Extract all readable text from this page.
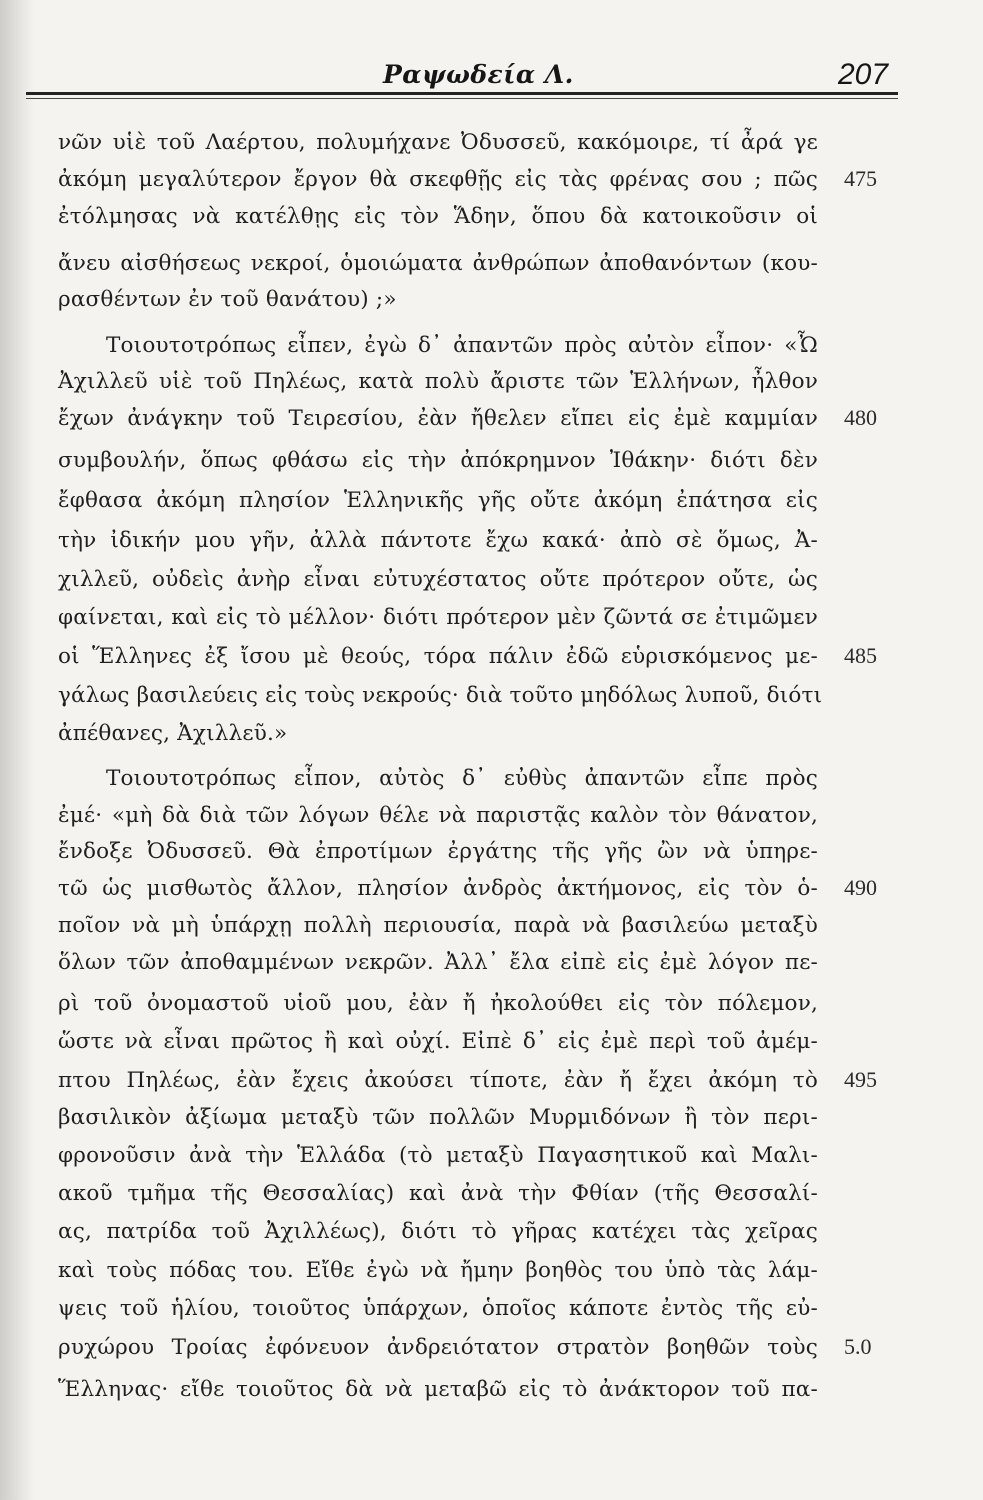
Ραψωδεία Λ.	207
νῶν υἱὲ τοῦ Λαέρτου, πολυμήχανε Ὀδυσσεῦ, κακόμοιρε, τί ἆρά γε
ἀκόμη μεγαλύτερον ἔργον θὰ σκεφθῇς εἰς τὰς φρένας σου ; πῶς
ἐτόλμησας νὰ κατέλθῃς εἰς τὸν Ἅδην, ὅπου δὰ κατοικοῦσιν οἱ
ἄνευ αἰσθήσεως νεκροί, ὁμοιώματα ἀνθρώπων ἀποθανόντων (κου-
ρασθέντων ἐν τοῦ θανάτου) ;»
Τοιουτοτρόπως εἶπεν, ἐγὼ δ᾽ ἀπαντῶν πρὸς αὐτὸν εἶπον· «Ὦ
Ἀχιλλεῦ υἱὲ τοῦ Πηλέως, κατὰ πολὺ ἄριστε τῶν Ἑλλήνων, ἦλθον
ἔχων ἀνάγκην τοῦ Τειρεσίου, ἐὰν ἤθελεν εἴπει εἰς ἐμὲ καμμίαν
συμβουλήν, ὅπως φθάσω εἰς τὴν ἀπόκρημνον Ἰθάκην· διότι δὲν
ἔφθασα ἀκόμη πλησίον Ἑλληνικῆς γῆς οὔτε ἀκόμη ἐπάτησα εἰς
τὴν ἰδικήν μου γῆν, ἀλλὰ πάντοτε ἔχω κακά· ἀπὸ σὲ ὅμως, Ἀ-
χιλλεῦ, οὐδεὶς ἀνὴρ εἶναι εὐτυχέστατος οὔτε πρότερον οὔτε, ὡς
φαίνεται, καὶ εἰς τὸ μέλλον· διότι πρότερον μὲν ζῶντά σε ἐτιμῶμεν
οἱ Ἕλληνες ἐξ ἴσου μὲ θεούς, τόρα πάλιν ἐδῶ εὑρισκόμενος με-
γάλως βασιλεύεις εἰς τοὺς νεκρούς· διὰ τοῦτο μηδόλως λυποῦ, διότι
ἀπέθανες, Ἀχιλλεῦ.»
Τοιουτοτρόπως εἶπον, αὐτὸς δ᾽ εὐθὺς ἀπαντῶν εἶπε πρὸς
ἐμέ· «μὴ δὰ διὰ τῶν λόγων θέλε νὰ παριστᾷς καλὸν τὸν θάνατον,
ἔνδοξε Ὀδυσσεῦ. Θὰ ἐπροτίμων ἐργάτης τῆς γῆς ὢν νὰ ὑπηρε-
τῶ ὡς μισθωτὸς ἄλλον, πλησίον ἀνδρὸς ἀκτήμονος, εἰς τὸν ὁ-
ποῖον νὰ μὴ ὑπάρχῃ πολλὴ περιουσία, παρὰ νὰ βασιλεύω μεταξὺ
ὅλων τῶν ἀποθαμμένων νεκρῶν. Ἀλλ᾽ ἔλα εἰπὲ εἰς ἐμὲ λόγον πε-
ρὶ τοῦ ὀνομαστοῦ υἱοῦ μου, ἐὰν ἤ ἠκολούθει εἰς τὸν πόλεμον,
ὥστε νὰ εἶναι πρῶτος ἢ καὶ οὐχί. Εἰπὲ δ᾽ εἰς ἐμὲ περὶ τοῦ ἀμέμ-
πτου Πηλέως, ἐὰν ἔχεις ἀκούσει τίποτε, ἐὰν ἤ ἔχει ἀκόμη τὸ
βασιλικὸν ἀξίωμα μεταξὺ τῶν πολλῶν Μυρμιδόνων ἢ τὸν περι-
φρονοῦσιν ἀνὰ τὴν Ἑλλάδα (τὸ μεταξὺ Παγασητικοῦ καὶ Μαλι-
ακοῦ τμῆμα τῆς Θεσσαλίας) καὶ ἀνὰ τὴν Φθίαν (τῆς Θεσσαλί-
ας, πατρίδα τοῦ Ἀχιλλέως), διότι τὸ γῆρας κατέχει τὰς χεῖρας
καὶ τοὺς πόδας του. Εἴθε ἐγὼ νὰ ἤμην βοηθὸς του ὑπὸ τὰς λάμ-
ψεις τοῦ ἡλίου, τοιοῦτος ὑπάρχων, ὁποῖος κάποτε ἐντὸς τῆς εὐ-
ρυχώρου Τροίας ἐφόνευον ἀνδρειότατον στρατὸν βοηθῶν τοὺς
Ἕλληνας· εἴθε τοιοῦτος δὰ νὰ μεταβῶ εἰς τὸ ἀνάκτορον τοῦ πα-
475
480
485
490
495
5.0
